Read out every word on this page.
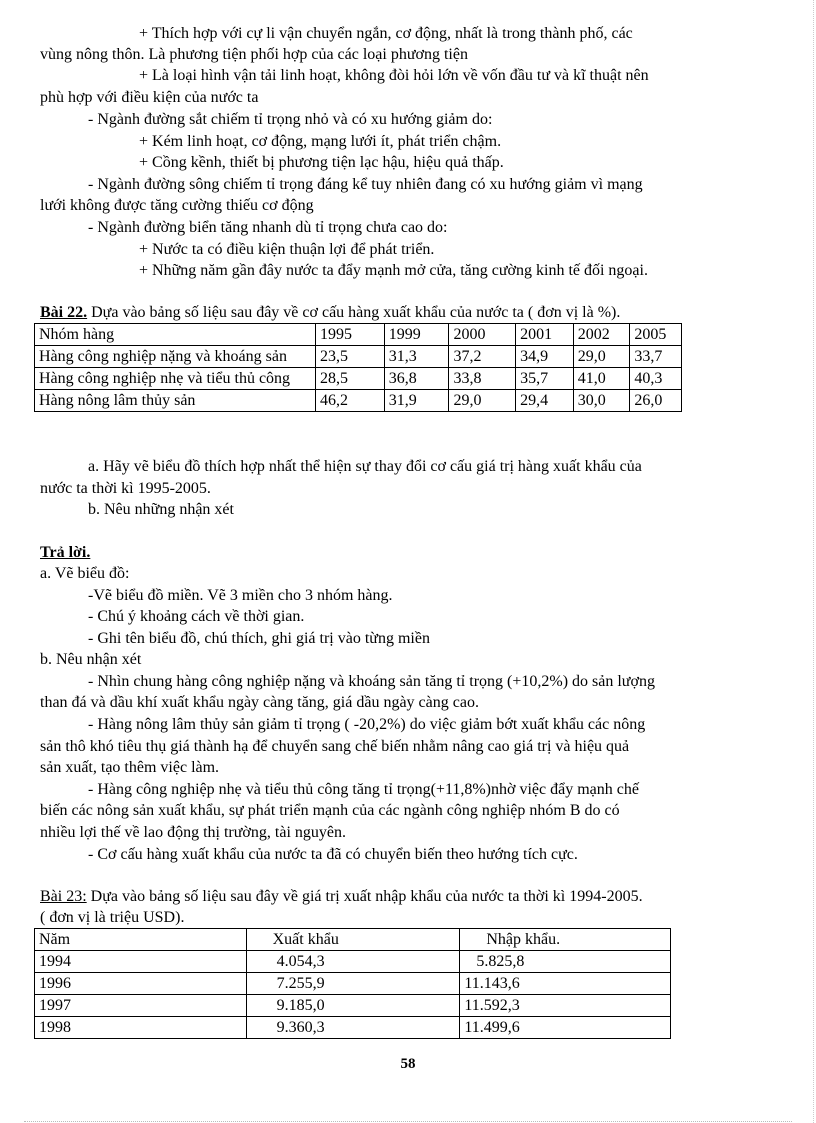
+ Thích hợp với cự li vận chuyển ngắn, cơ động, nhất là trong thành phố, các
vùng nông thôn. Là phương tiện phối hợp của các loại phương tiện
+ Là loại hình vận tải linh hoạt, không đòi hỏi lớn về vốn đầu tư và kĩ thuật nên
phù hợp với điều kiện của nước ta
- Ngành đường sắt chiếm tỉ trọng nhỏ và có xu hướng giảm do:
+ Kém linh hoạt, cơ động, mạng lưới ít, phát triển chậm.
+ Cồng kềnh, thiết bị phương tiện lạc hậu, hiệu quả thấp.
- Ngành đường sông chiếm tỉ trọng đáng kể tuy nhiên đang có xu hướng giảm vì mạng
lưới không được tăng cường thiếu cơ động
- Ngành đường biển tăng nhanh dù tỉ trọng chưa cao do:
+ Nước ta có điều kiện thuận lợi để phát triển.
+ Những năm gần đây nước ta đẩy mạnh mở cửa, tăng cường kinh tế đối ngoại.
Bài 22. Dựa vào bảng số liệu sau đây về cơ cấu hàng xuất khẩu của nước ta ( đơn vị là %).
Nhóm hàng	1995	1999	2000	2001	2002	2005
Hàng công nghiệp nặng và khoáng sản	23,5	31,3	37,2	34,9	29,0	33,7
Hàng công nghiệp nhẹ và tiểu thủ công	28,5	36,8	33,8	35,7	41,0	40,3
Hàng nông lâm thủy sản	46,2	31,9	29,0	29,4	30,0	26,0
a. Hãy vẽ biểu đồ thích hợp nhất thể hiện sự thay đổi cơ cấu giá trị hàng xuất khẩu của
nước ta thời kì 1995-2005.
b. Nêu những nhận xét
Trả lời.
a. Vẽ biểu đồ:
-Vẽ biểu đồ miền. Vẽ 3 miền cho 3 nhóm hàng.
- Chú ý khoảng cách về thời gian.
- Ghi tên biểu đồ, chú thích, ghi giá trị vào từng miền
b. Nêu nhận xét
- Nhìn chung hàng công nghiệp nặng và khoáng sản tăng tỉ trọng (+10,2%) do sản lượng
than đá và dầu khí xuất khẩu ngày càng tăng, giá dầu ngày càng cao.
- Hàng nông lâm thủy sản giảm tỉ trọng ( -20,2%) do việc giảm bớt xuất khẩu các nông
sản thô khó tiêu thụ giá thành hạ để chuyển sang chế biến nhằm nâng cao giá trị và hiệu quả
sản xuất, tạo thêm việc làm.
- Hàng công nghiệp nhẹ và tiểu thủ công tăng tỉ trọng(+11,8%)nhờ việc đẩy mạnh chế
biến các nông sản xuất khẩu, sự phát triển mạnh của các ngành công nghiệp nhóm B do có
nhiều lợi thế về lao động thị trường, tài nguyên.
- Cơ cấu hàng xuất khẩu của nước ta đã có chuyển biến theo hướng tích cực.
Bài 23: Dựa vào bảng số liệu sau đây về giá trị xuất nhập khẩu của nước ta thời kì 1994-2005.
( đơn vị là triệu USD).
Năm	Xuất khẩu	Nhập khẩu.
1994	4.054,3	5.825,8
1996	7.255,9	11.143,6
1997	9.185,0	11.592,3
1998	9.360,3	11.499,6
58
